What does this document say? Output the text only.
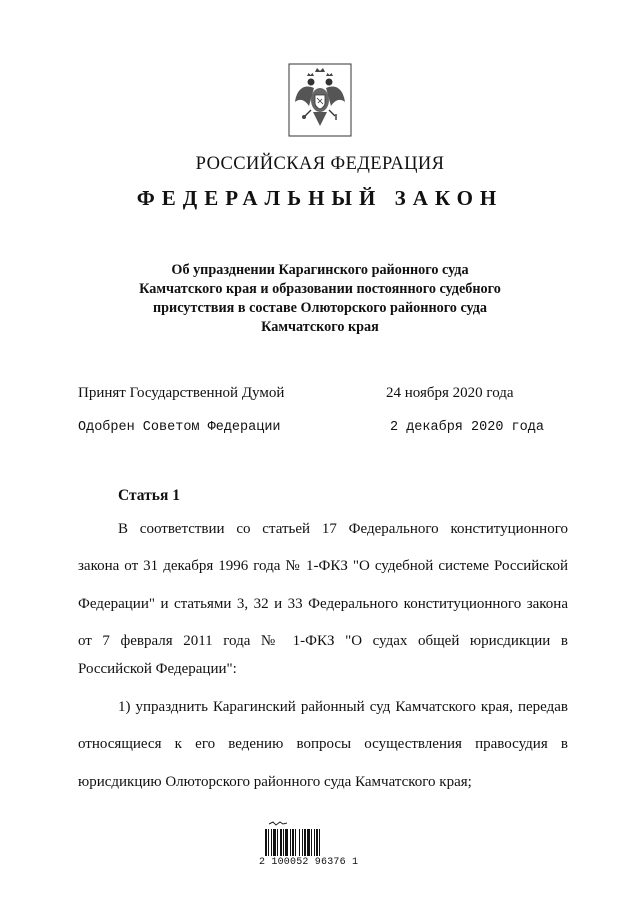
РОССИЙСКАЯ ФЕДЕРАЦИЯ
ФЕДЕРАЛЬНЫЙ ЗАКОН
Об упразднении Карагинского районного суда
Камчатского края и образовании постоянного судебного
присутствия в составе Олюторского районного суда
Камчатского края
Принят Государственной Думой	24 ноября 2020 года
Одобрен Советом Федерации	2 декабря 2020 года
Статья 1
В соответствии со статьей 17 Федерального конституционного
закона от 31 декабря 1996 года № 1-ФКЗ "О судебной системе Российской
Федерации" и статьями 3, 32 и 33 Федерального конституционного закона
от 7 февраля 2011 года № 1-ФКЗ "О судах общей юрисдикции в
Российской Федерации":
1) упразднить Карагинский районный суд Камчатского края, передав
относящиеся к его ведению вопросы осуществления правосудия в
юрисдикцию Олюторского районного суда Камчатского края;
2 100052 96376 1
